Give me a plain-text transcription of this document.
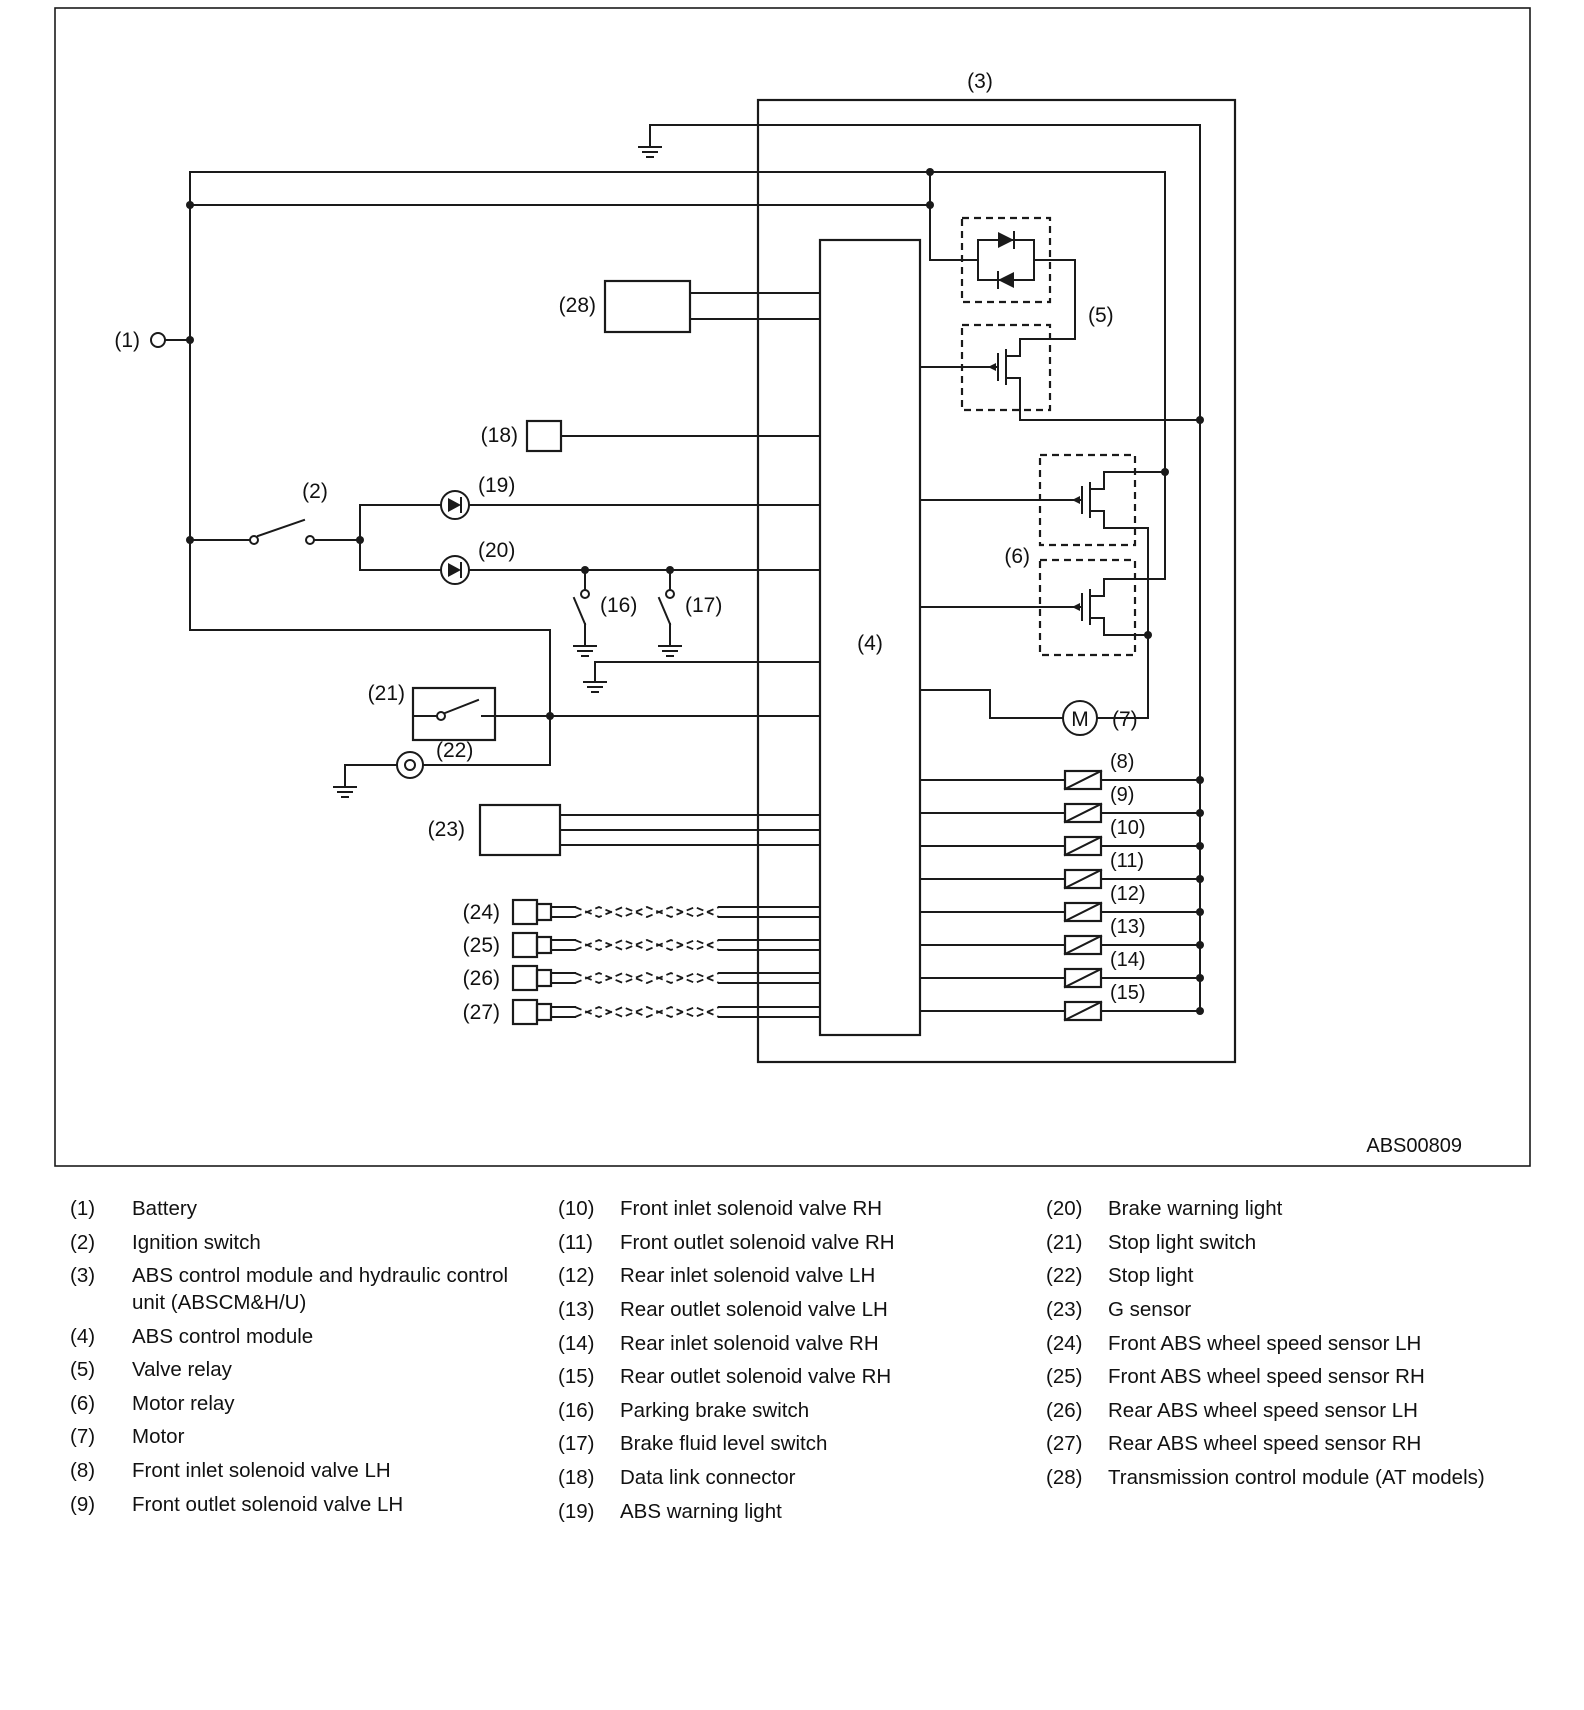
ABS00809
(3)
(4)
(1)
(2)	(19)
(20)
(16) (17)
(21)
(22)
(23)
(18)
(28)
(24)
(25)
(26)
(27)
(5)
(6)
(7)
M
(8)
(9)
(10)
(11)
(12)
(13)
(14)
(15)
(1)	Battery
(2)	Ignition switch
(3)	ABS control module and hydraulic control unit (ABSCM&H/U)
(4)	ABS control module
(5)	Valve relay
(6)	Motor relay
(7)	Motor
(8)	Front inlet solenoid valve LH
(9)	Front outlet solenoid valve LH
(10)	Front inlet solenoid valve RH
(11)	Front outlet solenoid valve RH
(12)	Rear inlet solenoid valve LH
(13)	Rear outlet solenoid valve LH
(14)	Rear inlet solenoid valve RH
(15)	Rear outlet solenoid valve RH
(16)	Parking brake switch
(17)	Brake fluid level switch
(18)	Data link connector
(19)	ABS warning light
(20)	Brake warning light
(21)	Stop light switch
(22)	Stop light
(23)	G sensor
(24)	Front ABS wheel speed sensor LH
(25)	Front ABS wheel speed sensor RH
(26)	Rear ABS wheel speed sensor LH
(27)	Rear ABS wheel speed sensor RH
(28)	Transmission control module (AT models)
